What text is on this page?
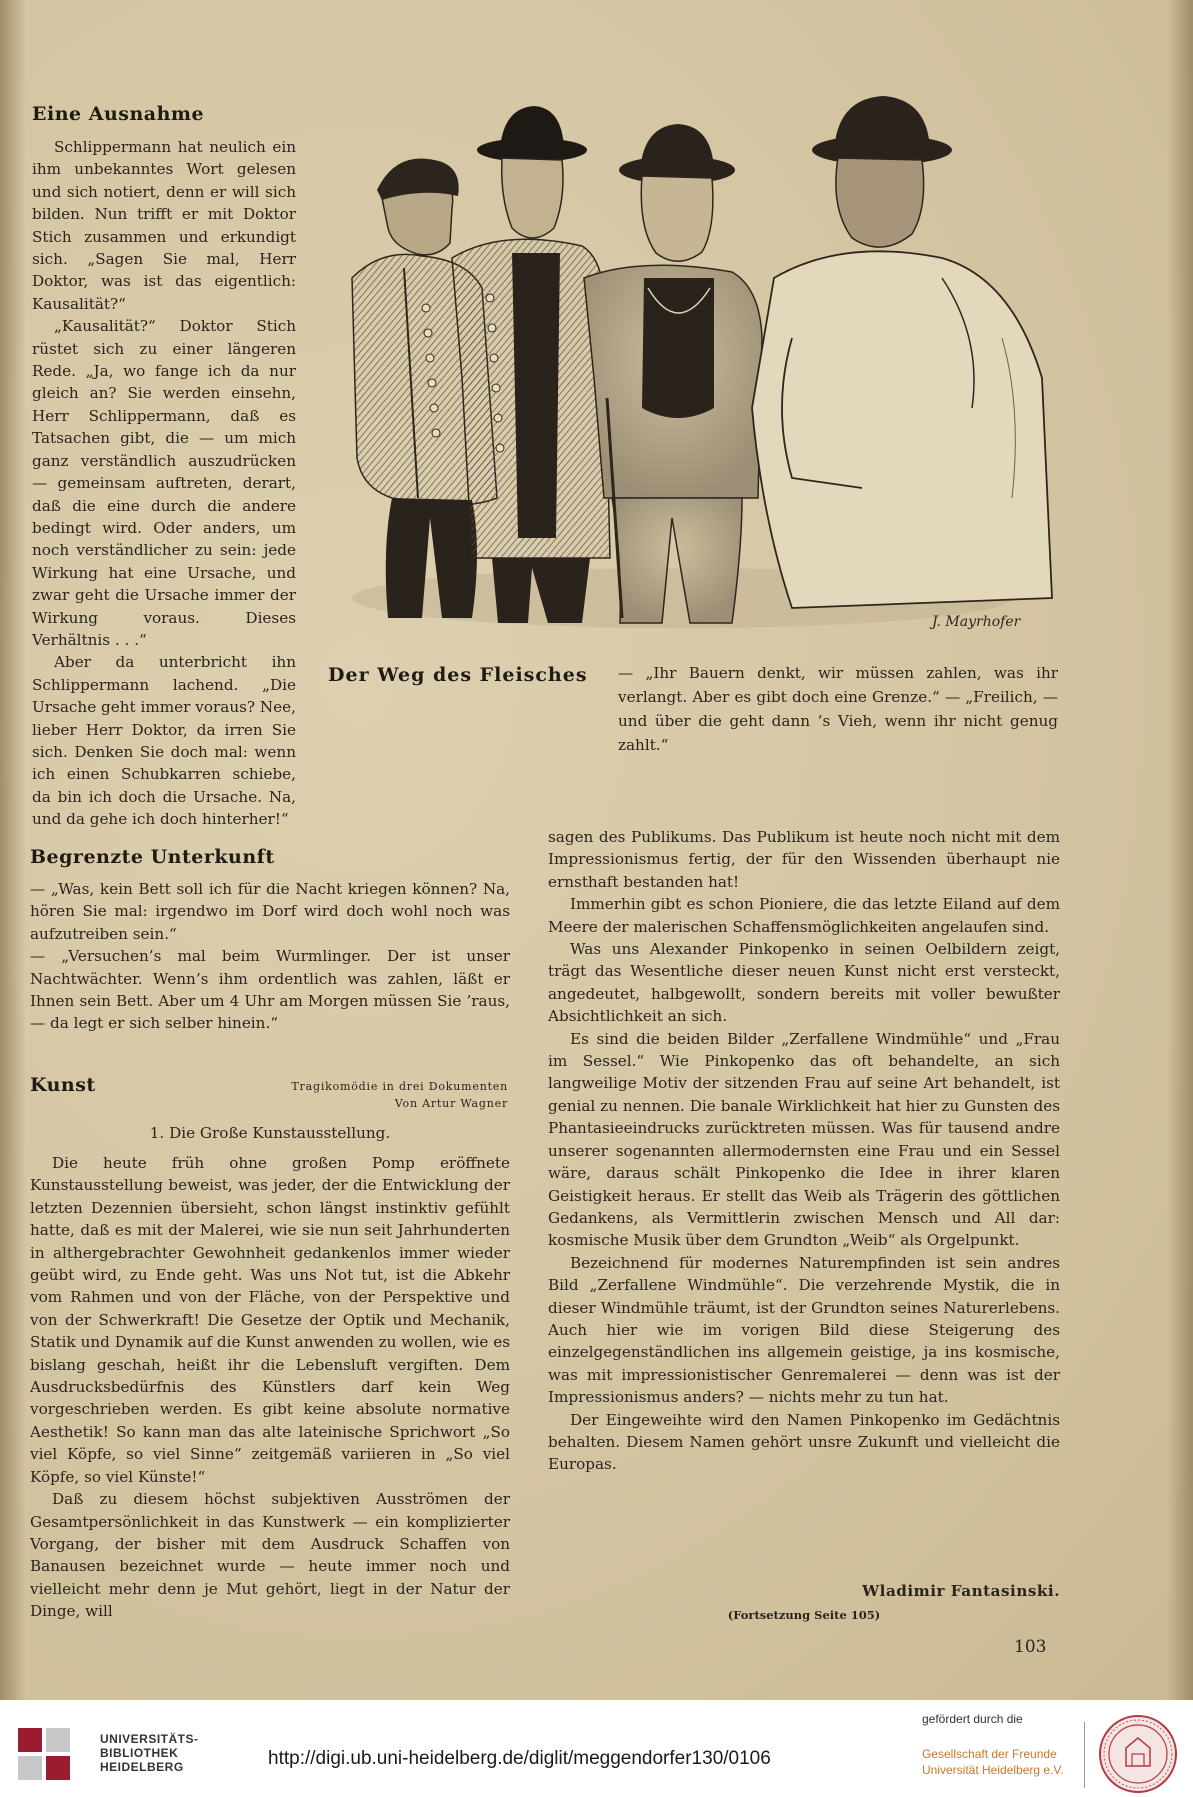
Eine Ausnahme

Schlippermann hat neulich ein ihm unbekanntes Wort gelesen und sich notiert, denn er will sich bilden. Nun trifft er mit Doktor Stich zusammen und erkundigt sich. „Sagen Sie mal, Herr Doktor, was ist das eigentlich: Kausalität?“

„Kausalität?“ Doktor Stich rüstet sich zu einer längeren Rede. „Ja, wo fange ich da nur gleich an? Sie werden einsehn, Herr Schlippermann, daß es Tatsachen gibt, die — um mich ganz verständlich auszudrücken — gemeinsam auftreten, derart, daß die eine durch die andere bedingt wird. Oder anders, um noch verständlicher zu sein: jede Wirkung hat eine Ursache, und zwar geht die Ursache immer der Wirkung voraus. Dieses Verhältnis . . .“

Aber da unterbricht ihn Schlippermann lachend. „Die Ursache geht immer voraus? Nee, lieber Herr Doktor, da irren Sie sich. Denken Sie doch mal: wenn ich einen Schubkarren schiebe, da bin ich doch die Ursache. Na, und da gehe ich doch hinterher!“

J. Mayrhofer
Der Weg des Fleisches — „Ihr Bauern denkt, wir müssen zahlen, was ihr verlangt. Aber es gibt doch eine Grenze.“ — „Freilich, — und über die geht dann ’s Vieh, wenn ihr nicht genug zahlt.“
Begrenzte Unterkunft

— „Was, kein Bett soll ich für die Nacht kriegen können? Na, hören Sie mal: irgendwo im Dorf wird doch wohl noch was aufzutreiben sein.“

— „Versuchen’s mal beim Wurmlinger. Der ist unser Nachtwächter. Wenn’s ihm ordentlich was zahlen, läßt er Ihnen sein Bett. Aber um 4 Uhr am Morgen müssen Sie ’raus, — da legt er sich selber hinein.“

Kunst	Tragikomödie in drei Dokumenten
Von Artur Wagner
1. Die Große Kunstausstellung.

Die heute früh ohne großen Pomp eröffnete Kunstausstellung beweist, was jeder, der die Entwicklung der letzten Dezennien übersieht, schon längst instinktiv gefühlt hatte, daß es mit der Malerei, wie sie nun seit Jahrhunderten in althergebrachter Gewohnheit gedankenlos immer wieder geübt wird, zu Ende geht. Was uns Not tut, ist die Abkehr vom Rahmen und von der Fläche, von der Perspektive und von der Schwerkraft! Die Gesetze der Optik und Mechanik, Statik und Dynamik auf die Kunst anwenden zu wollen, wie es bislang geschah, heißt ihr die Lebensluft vergiften. Dem Ausdrucksbedürfnis des Künstlers darf kein Weg vorgeschrieben werden. Es gibt keine absolute normative Aesthetik! So kann man das alte lateinische Sprichwort „So viel Köpfe, so viel Sinne“ zeitgemäß variieren in „So viel Köpfe, so viel Künste!“

Daß zu diesem höchst subjektiven Ausströmen der Gesamtpersönlichkeit in das Kunstwerk — ein komplizierter Vorgang, der bisher mit dem Ausdruck Schaffen von Banausen bezeichnet wurde — heute immer noch und vielleicht mehr denn je Mut gehört, liegt in der Natur der Dinge, will

sagen des Publikums. Das Publikum ist heute noch nicht mit dem Impressionismus fertig, der für den Wissenden überhaupt nie ernsthaft bestanden hat!

Immerhin gibt es schon Pioniere, die das letzte Eiland auf dem Meere der malerischen Schaffensmöglichkeiten angelaufen sind.

Was uns Alexander Pinkopenko in seinen Oelbildern zeigt, trägt das Wesentliche dieser neuen Kunst nicht erst versteckt, angedeutet, halbgewollt, sondern bereits mit voller bewußter Absichtlichkeit an sich.

Es sind die beiden Bilder „Zerfallene Windmühle“ und „Frau im Sessel.“ Wie Pinkopenko das oft behandelte, an sich langweilige Motiv der sitzenden Frau auf seine Art behandelt, ist genial zu nennen. Die banale Wirklichkeit hat hier zu Gunsten des Phantasieeindrucks zurücktreten müssen. Was für tausend andre unserer sogenannten allermodernsten eine Frau und ein Sessel wäre, daraus schält Pinkopenko die Idee in ihrer klaren Geistigkeit heraus. Er stellt das Weib als Trägerin des göttlichen Gedankens, als Vermittlerin zwischen Mensch und All dar: kosmische Musik über dem Grundton „Weib“ als Orgelpunkt.

Bezeichnend für modernes Naturempfinden ist sein andres Bild „Zerfallene Windmühle“. Die verzehrende Mystik, die in dieser Windmühle träumt, ist der Grundton seines Naturerlebens. Auch hier wie im vorigen Bild diese Steigerung des einzelgegenständlichen ins allgemein geistige, ja ins kosmische, was mit impressionistischer Genremalerei — denn was ist der Impressionismus anders? — nichts mehr zu tun hat.

Der Eingeweihte wird den Namen Pinkopenko im Gedächtnis behalten. Diesem Namen gehört unsre Zukunft und vielleicht die Europas.

Wladimir Fantasinski.
(Fortsetzung Seite 105)
103
UNIVERSITÄTS-
BIBLIOTHEK
HEIDELBERG	http://digi.ub.uni-heidelberg.de/diglit/meggendorfer130/0106
gefördert durch die
Gesellschaft der Freunde
Universität Heidelberg e.V.
